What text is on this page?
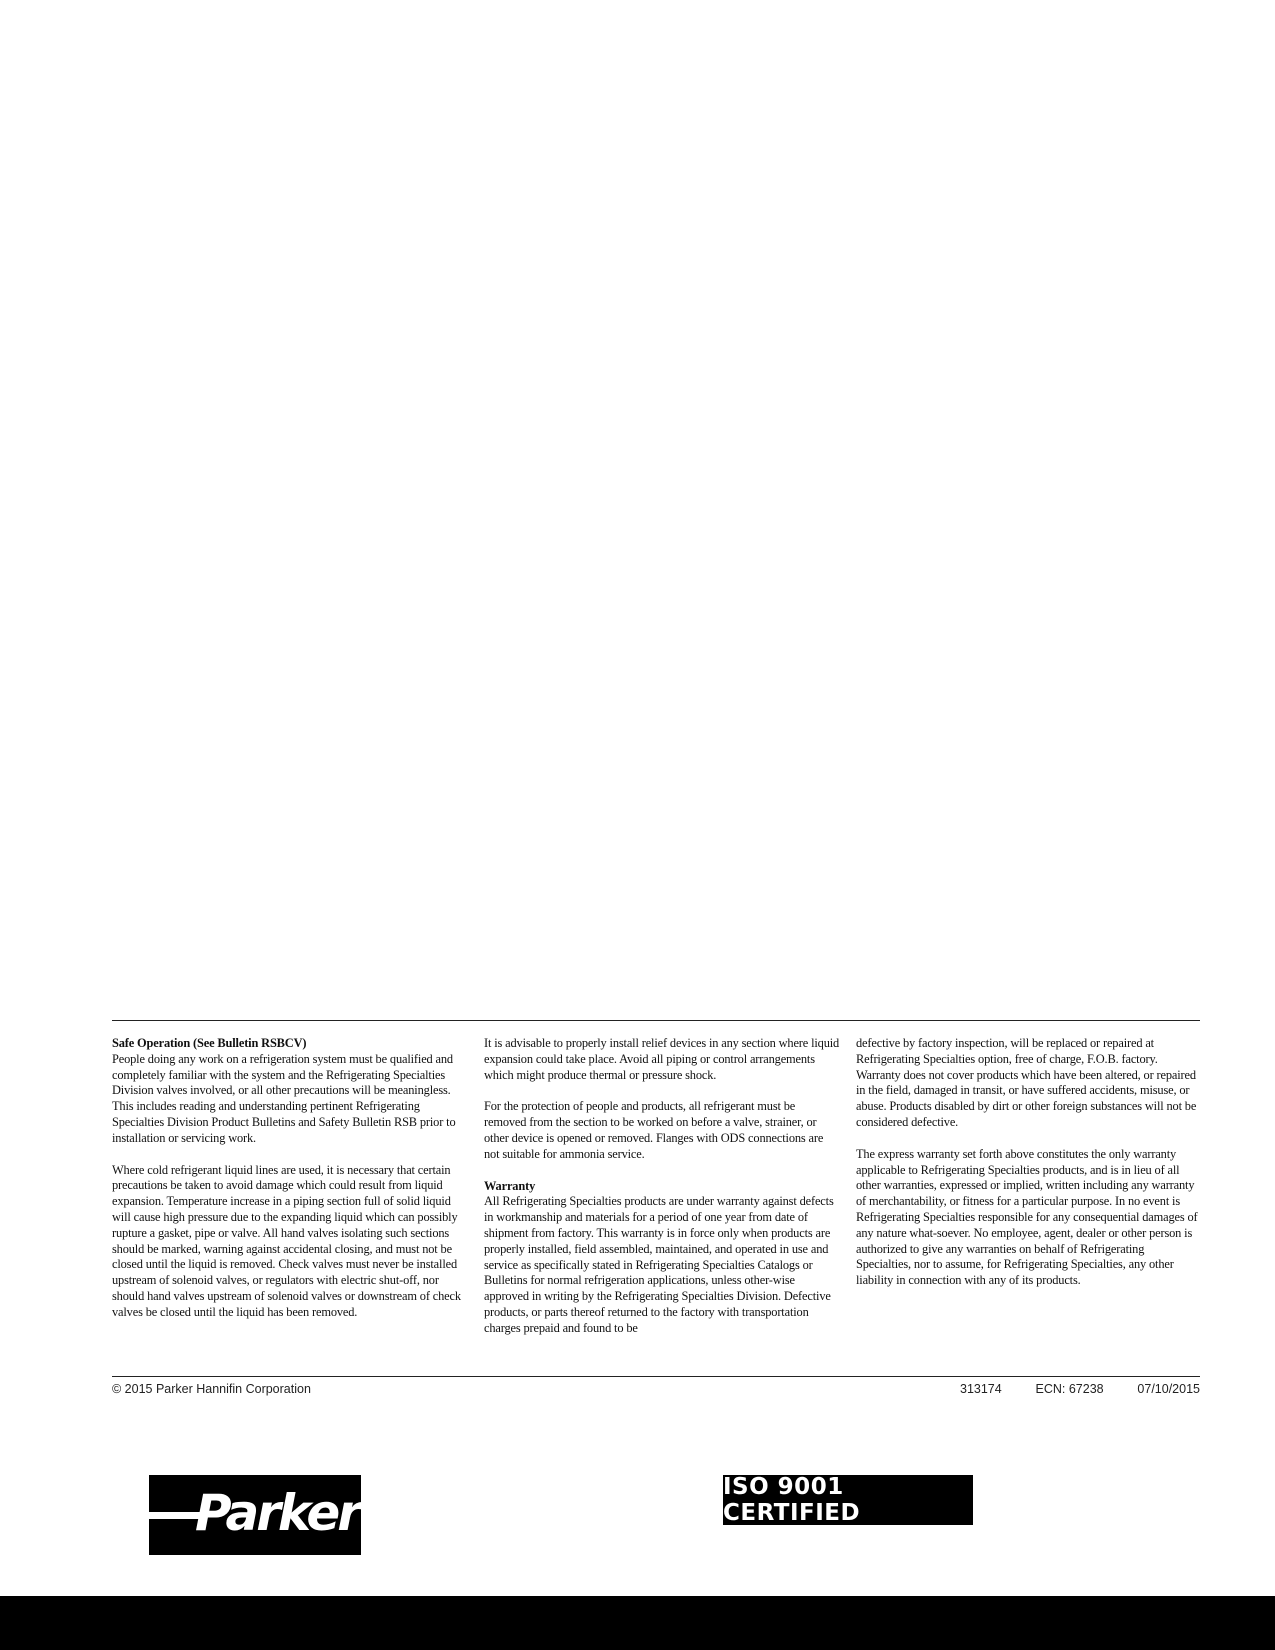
Safe Operation (See Bulletin RSBCV)
People doing any work on a refrigeration system must be qualified and completely familiar with the system and the Refrigerating Specialties Division valves involved, or all other precautions will be meaningless. This includes reading and understanding pertinent Refrigerating Specialties Division Product Bulletins and Safety Bulletin RSB prior to installation or servicing work.

Where cold refrigerant liquid lines are used, it is necessary that certain precautions be taken to avoid damage which could result from liquid expansion. Temperature increase in a piping section full of solid liquid will cause high pressure due to the expanding liquid which can possibly rupture a gasket, pipe or valve. All hand valves isolating such sections should be marked, warning against accidental closing, and must not be closed until the liquid is removed. Check valves must never be installed upstream of solenoid valves, or regulators with electric shut-off, nor should hand valves upstream of solenoid valves or downstream of check valves be closed until the liquid has been removed.

It is advisable to properly install relief devices in any section where liquid expansion could take place. Avoid all piping or control arrangements which might produce thermal or pressure shock.

For the protection of people and products, all refrigerant must be removed from the section to be worked on before a valve, strainer, or other device is opened or removed. Flanges with ODS connections are not suitable for ammonia service.

Warranty
All Refrigerating Specialties products are under warranty against defects in workmanship and materials for a period of one year from date of shipment from factory. This warranty is in force only when products are properly installed, field assembled, maintained, and operated in use and service as specifically stated in Refrigerating Specialties Catalogs or Bulletins for normal refrigeration applications, unless other-wise approved in writing by the Refrigerating Specialties Division. Defective products, or parts thereof returned to the factory with transportation charges prepaid and found to be

defective by factory inspection, will be replaced or repaired at Refrigerating Specialties option, free of charge, F.O.B. factory. Warranty does not cover products which have been altered, or repaired in the field, damaged in transit, or have suffered accidents, misuse, or abuse. Products disabled by dirt or other foreign substances will not be considered defective.

The express warranty set forth above constitutes the only warranty applicable to Refrigerating Specialties products, and is in lieu of all other warranties, expressed or implied, written including any warranty of merchantability, or fitness for a particular purpose. In no event is Refrigerating Specialties responsible for any consequential damages of any nature what-soever. No employee, agent, dealer or other person is authorized to give any warranties on behalf of Refrigerating Specialties, nor to assume, for Refrigerating Specialties, any other liability in connection with any of its products.

© 2015 Parker Hannifin Corporation	313174	ECN: 67238	07/10/2015
Parker	ISO 9001 CERTIFIED
